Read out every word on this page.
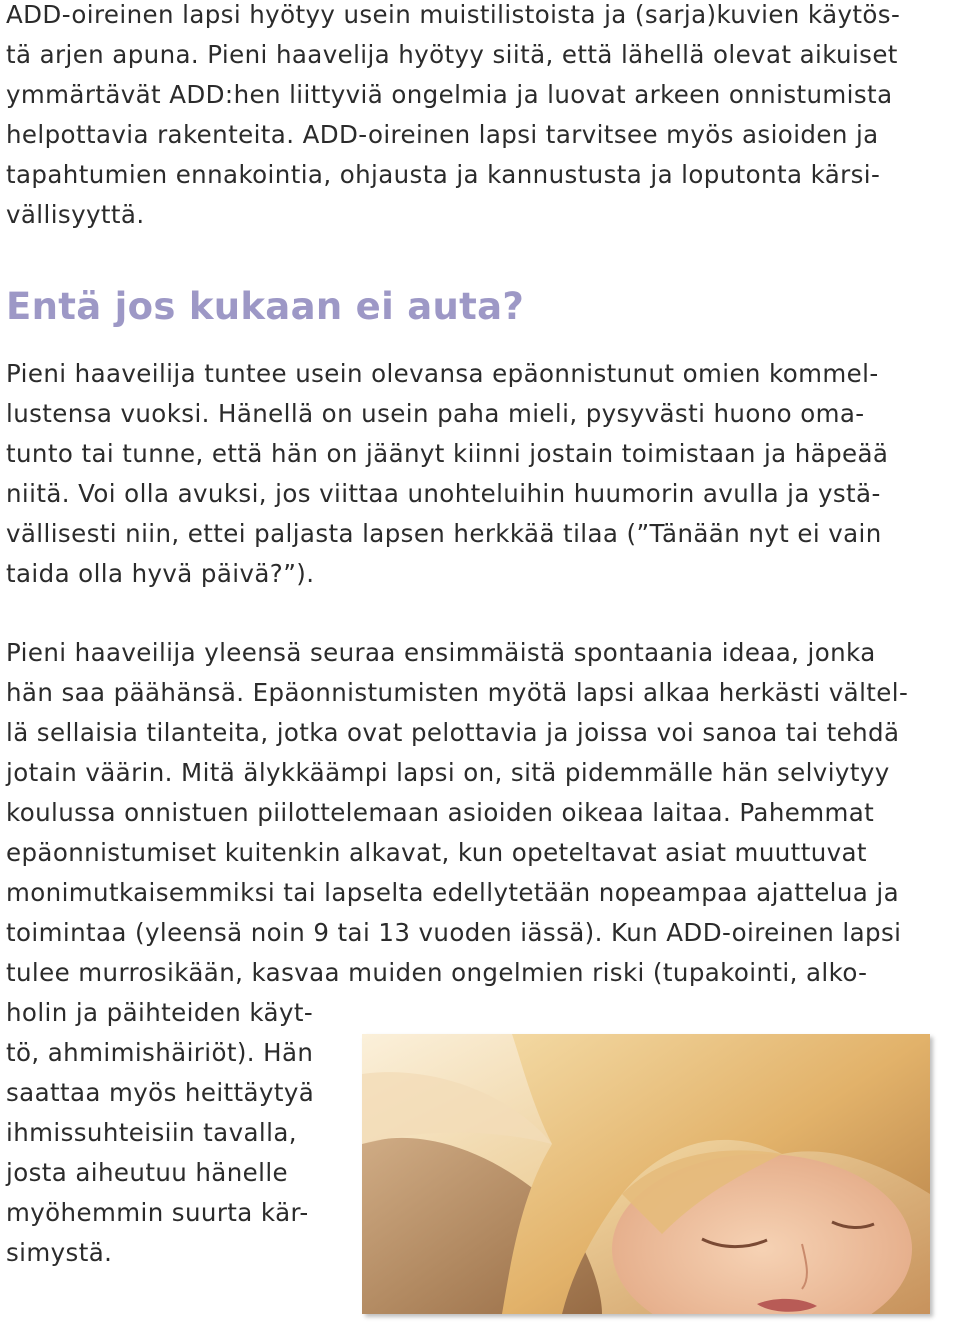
ADD-oireinen lapsi hyötyy usein muistilistoista ja (sarja)kuvien käytös-

tä arjen apuna. Pieni haavelija hyötyy siitä, että lähellä olevat aikuiset

ymmärtävät ADD:hen liittyviä ongelmia ja luovat arkeen onnistumista

helpottavia rakenteita. ADD-oireinen lapsi tarvitsee myös asioiden ja

tapahtumien ennakointia, ohjausta ja kannustusta ja loputonta kärsi-

vällisyyttä.

Entä jos kukaan ei auta?

Pieni haaveilija tuntee usein olevansa epäonnistunut omien kommel-

lustensa vuoksi. Hänellä on usein paha mieli, pysyvästi huono oma-

tunto tai tunne, että hän on jäänyt kiinni jostain toimistaan ja häpeää

niitä. Voi olla avuksi, jos viittaa unohteluihin huumorin avulla ja ystä-

vällisesti niin, ettei paljasta lapsen herkkää tilaa (”Tänään nyt ei vain

taida olla hyvä päivä?”).

Pieni haaveilija yleensä seuraa ensimmäistä spontaania ideaa, jonka

hän saa päähänsä. Epäonnistumisten myötä lapsi alkaa herkästi vältel-

lä sellaisia tilanteita, jotka ovat pelottavia ja joissa voi sanoa tai tehdä

jotain väärin. Mitä älykkäämpi lapsi on, sitä pidemmälle hän selviytyy

koulussa onnistuen piilottelemaan asioiden oikeaa laitaa. Pahemmat

epäonnistumiset kuitenkin alkavat, kun opeteltavat asiat muuttuvat

monimutkaisemmiksi tai lapselta edellytetään nopeampaa ajattelua ja

toimintaa (yleensä noin 9 tai 13 vuoden iässä). Kun ADD-oireinen lapsi

tulee murrosikään, kasvaa muiden ongelmien riski (tupakointi, alko-

holin ja päihteiden käyt-

tö, ahmimishäiriöt). Hän

saattaa myös heittäytyä

ihmissuhteisiin tavalla,

josta aiheutuu hänelle

myöhemmin suurta kär-

simystä.
